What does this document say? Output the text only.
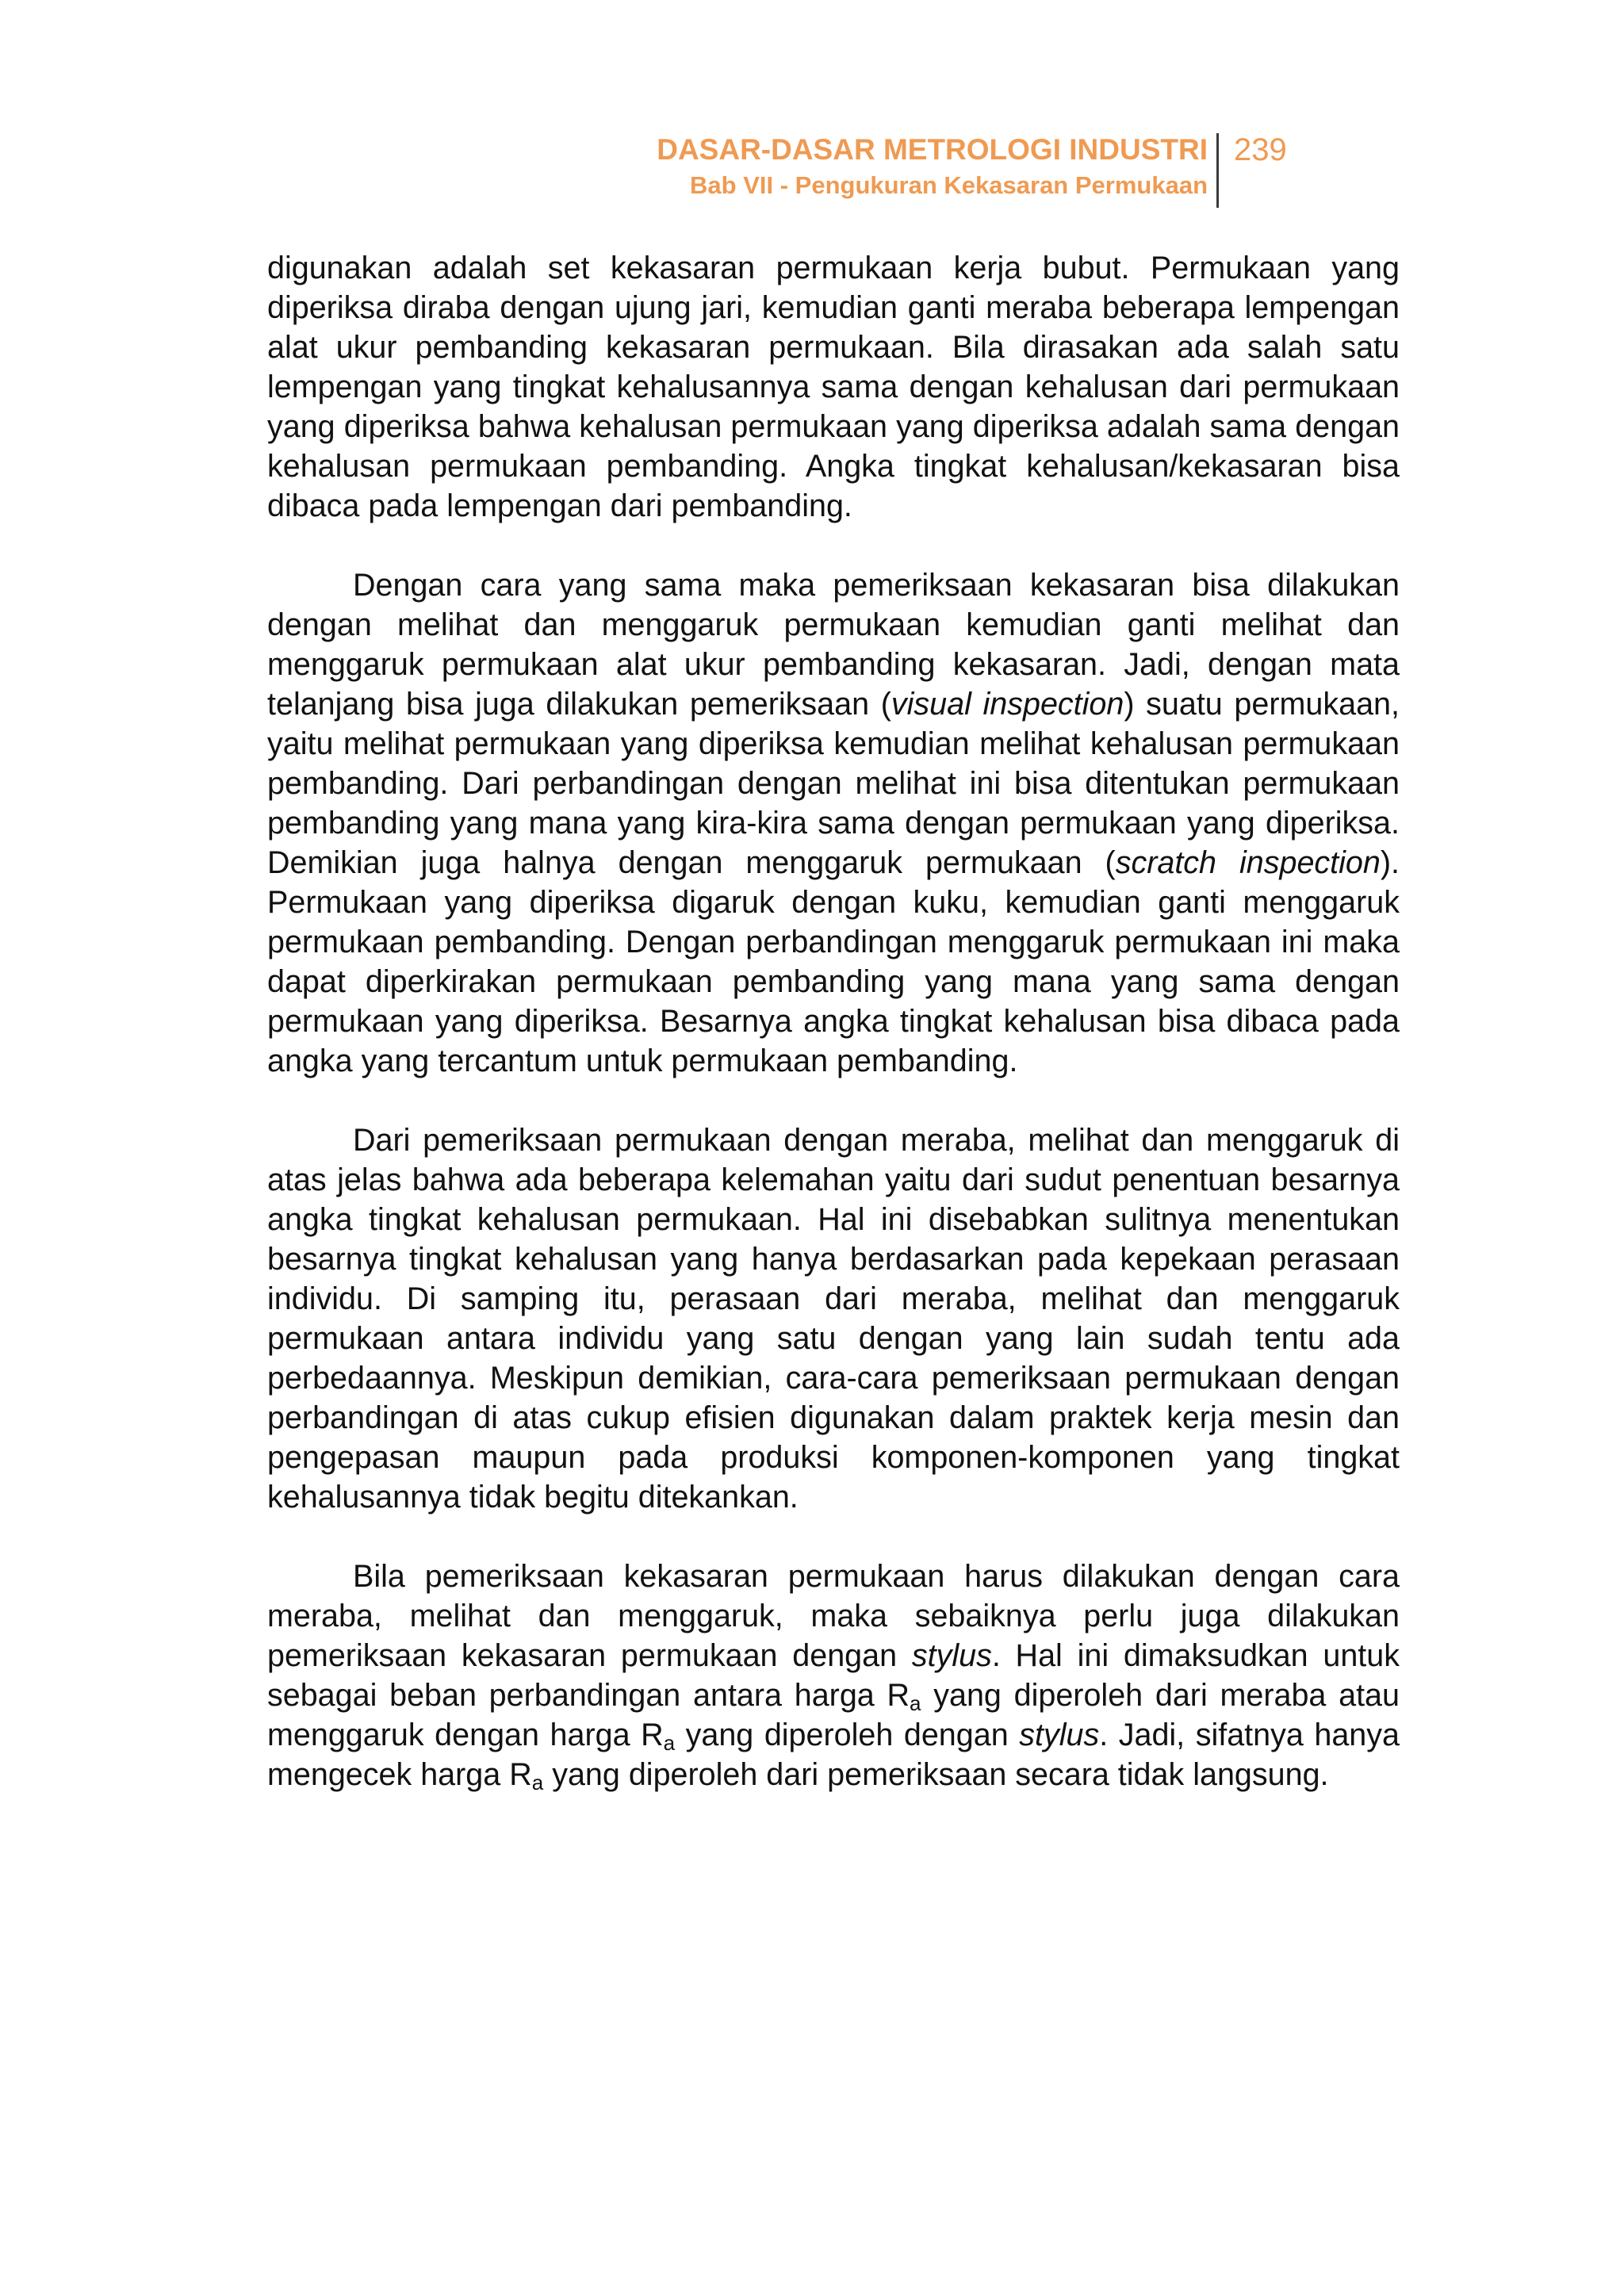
DASAR-DASAR METROLOGI INDUSTRI
Bab VII - Pengukuran Kekasaran Permukaan
239

digunakan adalah set kekasaran permukaan kerja bubut. Permukaan yang diperiksa diraba dengan ujung jari, kemudian ganti meraba beberapa lempengan alat ukur pembanding kekasaran permukaan. Bila dirasakan ada salah satu lempengan yang tingkat kehalusannya sama dengan kehalusan dari permukaan yang diperiksa bahwa kehalusan permukaan yang diperiksa adalah sama dengan kehalusan permukaan pembanding. Angka tingkat kehalusan/kekasaran bisa dibaca pada lempengan dari pembanding.

Dengan cara yang sama maka pemeriksaan kekasaran bisa dilakukan dengan melihat dan menggaruk permukaan kemudian ganti melihat dan menggaruk permukaan alat ukur pembanding kekasaran. Jadi, dengan mata telanjang bisa juga dilakukan pemeriksaan (visual inspection) suatu permukaan, yaitu melihat permukaan yang diperiksa kemudian melihat kehalusan permukaan pembanding. Dari perbandingan dengan melihat ini bisa ditentukan permukaan pembanding yang mana yang kira-kira sama dengan permukaan yang diperiksa. Demikian juga halnya dengan menggaruk permukaan (scratch inspection). Permukaan yang diperiksa digaruk dengan kuku, kemudian ganti menggaruk permukaan pembanding. Dengan perbandingan menggaruk permukaan ini maka dapat diperkirakan permukaan pembanding yang mana yang sama dengan permukaan yang diperiksa. Besarnya angka tingkat kehalusan bisa dibaca pada angka yang tercantum untuk permukaan pembanding.

Dari pemeriksaan permukaan dengan meraba, melihat dan menggaruk di atas jelas bahwa ada beberapa kelemahan yaitu dari sudut penentuan besarnya angka tingkat kehalusan permukaan. Hal ini disebabkan sulitnya menentukan besarnya tingkat kehalusan yang hanya berdasarkan pada kepekaan perasaan individu. Di samping itu, perasaan dari meraba, melihat dan menggaruk permukaan antara individu yang satu dengan yang lain sudah tentu ada perbedaannya. Meskipun demikian, cara-cara pemeriksaan permukaan dengan perbandingan di atas cukup efisien digunakan dalam praktek kerja mesin dan pengepasan maupun pada produksi komponen-komponen yang tingkat kehalusannya tidak begitu ditekankan.

Bila pemeriksaan kekasaran permukaan harus dilakukan dengan cara meraba, melihat dan menggaruk, maka sebaiknya perlu juga dilakukan pemeriksaan kekasaran permukaan dengan stylus. Hal ini dimaksudkan untuk sebagai beban perbandingan antara harga $R_a$ yang diperoleh dari meraba atau menggaruk dengan harga $R_a$ yang diperoleh dengan stylus. Jadi, sifatnya hanya mengecek harga $R_a$ yang diperoleh dari pemeriksaan secara tidak langsung.
